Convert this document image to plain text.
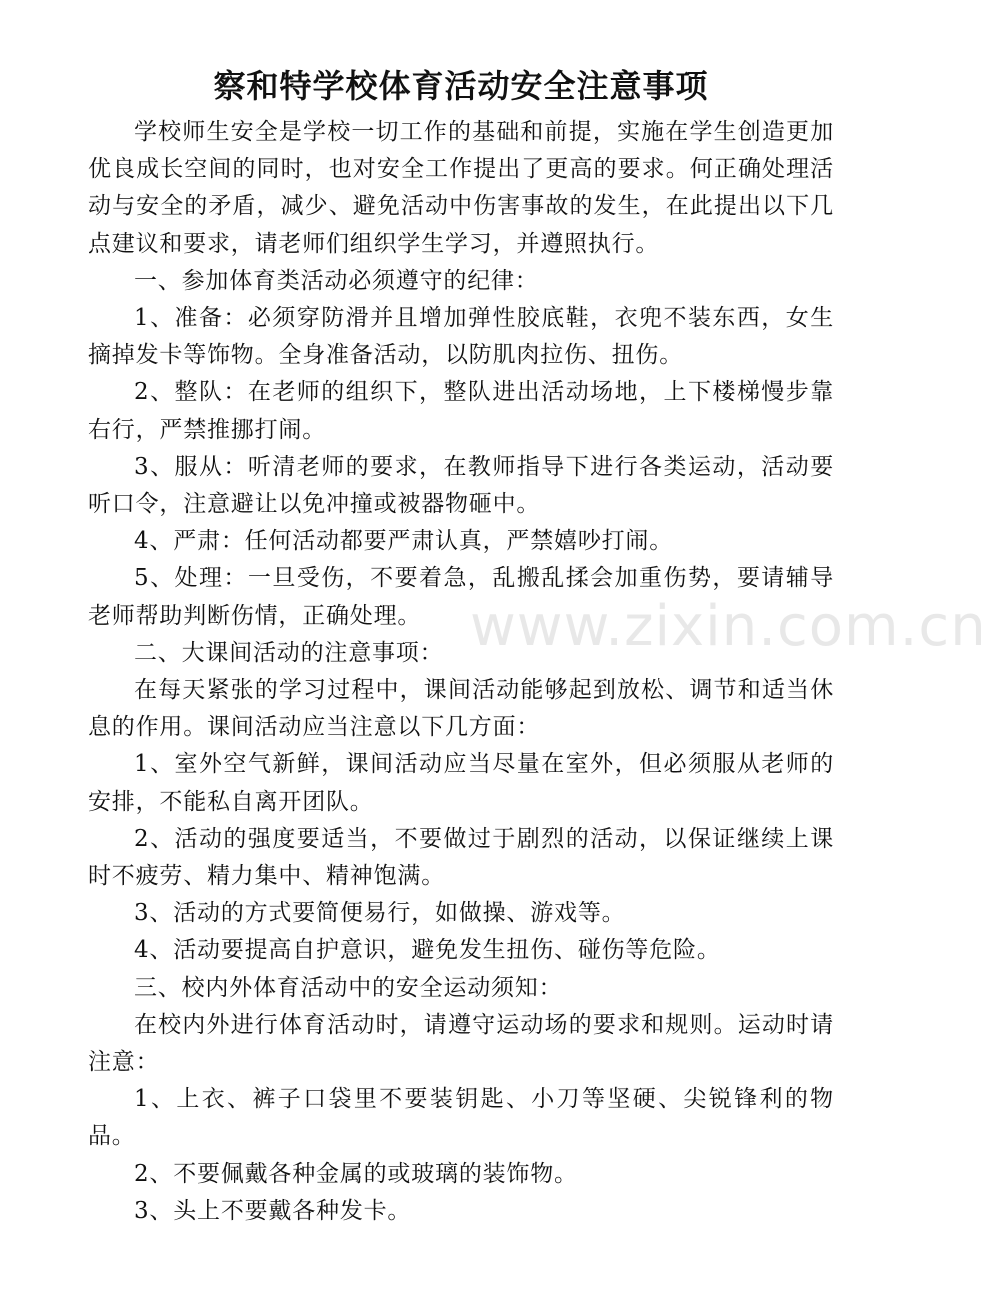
察和特学校体育活动安全注意事项

学校师生安全是学校一切工作的基础和前提，实施在学生创造更加优良成长空间的同时，也对安全工作提出了更高的要求。何正确处理活动与安全的矛盾，减少、避免活动中伤害事故的发生，在此提出以下几点建议和要求，请老师们组织学生学习，并遵照执行。

一、参加体育类活动必须遵守的纪律：

1、准备：必须穿防滑并且增加弹性胶底鞋，衣兜不装东西，女生摘掉发卡等饰物。全身准备活动，以防肌肉拉伤、扭伤。

2、整队：在老师的组织下，整队进出活动场地，上下楼梯慢步靠右行，严禁推挪打闹。

3、服从：听清老师的要求，在教师指导下进行各类运动，活动要听口令，注意避让以免冲撞或被器物砸中。

4、严肃：任何活动都要严肃认真，严禁嬉吵打闹。

5、处理：一旦受伤，不要着急，乱搬乱揉会加重伤势，要请辅导老师帮助判断伤情，正确处理。

二、大课间活动的注意事项：

在每天紧张的学习过程中，课间活动能够起到放松、调节和适当休息的作用。课间活动应当注意以下几方面：

1、室外空气新鲜，课间活动应当尽量在室外，但必须服从老师的安排，不能私自离开团队。

2、活动的强度要适当，不要做过于剧烈的活动，以保证继续上课时不疲劳、精力集中、精神饱满。

3、活动的方式要简便易行，如做操、游戏等。

4、活动要提高自护意识，避免发生扭伤、碰伤等危险。

三、校内外体育活动中的安全运动须知：

在校内外进行体育活动时，请遵守运动场的要求和规则。运动时请注意：

1、上衣、裤子口袋里不要装钥匙、小刀等坚硬、尖锐锋利的物品。

2、不要佩戴各种金属的或玻璃的装饰物。

3、头上不要戴各种发卡。

www.zixin.com.cn
